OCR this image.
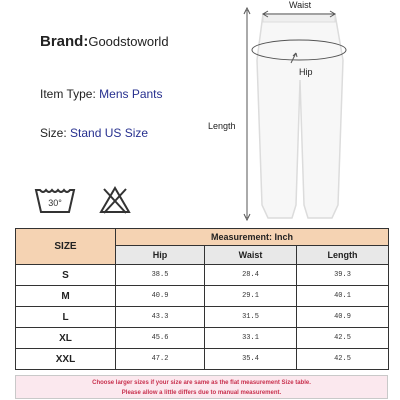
Brand:Goodstoworld
Item Type: Mens Pants
Size: Stand US Size
30°
Waist
Hip
Length
SIZE	Measurement: Inch		
	Hip	Waist	Length
S	38.5	28.4	39.3
M	40.9	29.1	40.1
L	43.3	31.5	40.9
XL	45.6	33.1	42.5
XXL	47.2	35.4	42.5
Choose larger sizes if your size are same as the flat measurement Size table.
Please allow a little differs due to manual measurement.
